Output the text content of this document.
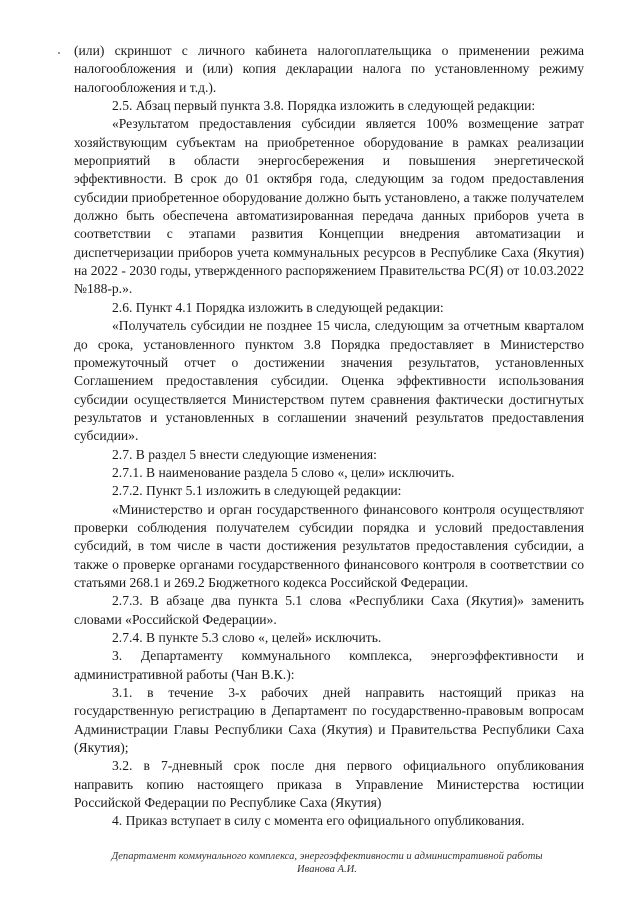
(или) скриншот с личного кабинета налогоплательщика о применении режима налогообложения и (или) копия декларации налога по установленному режиму налогообложения и т.д.).

2.5. Абзац первый пункта 3.8. Порядка изложить в следующей редакции:

«Результатом предоставления субсидии является 100% возмещение затрат хозяйствующим субъектам на приобретенное оборудование в рамках реализации мероприятий в области энергосбережения и повышения энергетической эффективности. В срок до 01 октября года, следующим за годом предоставления субсидии приобретенное оборудование должно быть установлено, а также получателем должно быть обеспечена автоматизированная передача данных приборов учета в соответствии с этапами развития Концепции внедрения автоматизации и диспетчеризации приборов учета коммунальных ресурсов в Республике Саха (Якутия) на 2022 - 2030 годы, утвержденного распоряжением Правительства РС(Я) от 10.03.2022 №188-р.».

2.6. Пункт 4.1 Порядка изложить в следующей редакции:

«Получатель субсидии не позднее 15 числа, следующим за отчетным кварталом до срока, установленного пунктом 3.8 Порядка предоставляет в Министерство промежуточный отчет о достижении значения результатов, установленных Соглашением предоставления субсидии. Оценка эффективности использования субсидии осуществляется Министерством путем сравнения фактически достигнутых результатов и установленных в соглашении значений результатов предоставления субсидии».

2.7. В раздел 5 внести следующие изменения:

2.7.1. В наименование раздела 5 слово «, цели» исключить.

2.7.2. Пункт 5.1 изложить в следующей редакции:

«Министерство и орган государственного финансового контроля осуществляют проверки соблюдения получателем субсидии порядка и условий предоставления субсидий, в том числе в части достижения результатов предоставления субсидии, а также о проверке органами государственного финансового контроля в соответствии со статьями 268.1 и 269.2 Бюджетного кодекса Российской Федерации.

2.7.3. В абзаце два пункта 5.1 слова «Республики Саха (Якутия)» заменить словами «Российской Федерации».

2.7.4. В пункте 5.3 слово «, целей» исключить.

3. Департаменту коммунального комплекса, энергоэффективности и административной работы (Чан В.К.):

3.1. в течение 3-х рабочих дней направить настоящий приказ на государственную регистрацию в Департамент по государственно-правовым вопросам Администрации Главы Республики Саха (Якутия) и Правительства Республики Саха (Якутия);

3.2. в 7-дневный срок после дня первого официального опубликования направить копию настоящего приказа в Управление Министерства юстиции Российской Федерации по Республике Саха (Якутия)

4. Приказ вступает в силу с момента его официального опубликования.

Департамент коммунального комплекса, энергоэффективности и административной работы
Иванова А.И.
